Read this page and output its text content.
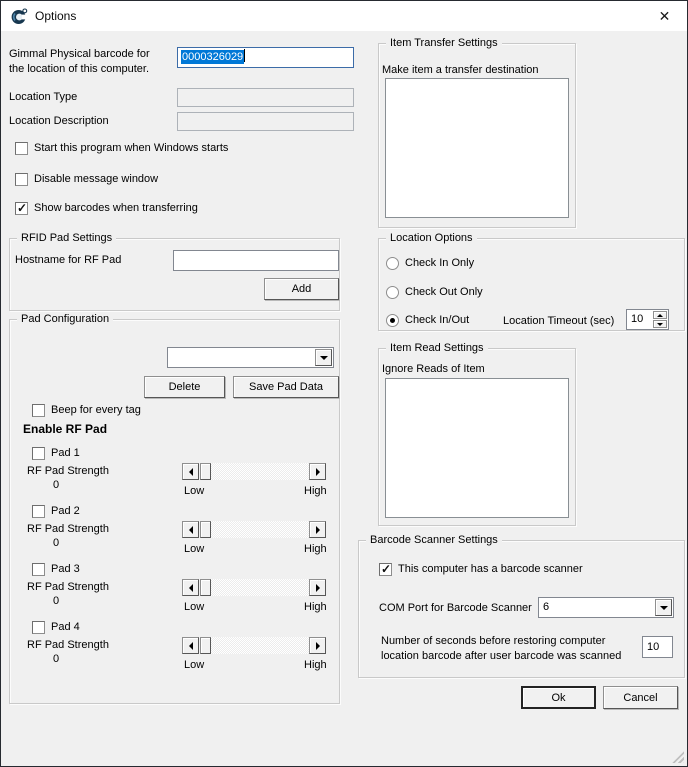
Options	✕
Gimmal Physical barcode for
the location of this computer.
0000326029
Location Type
Location Description
Start this program when Windows starts
Disable message window
✓
Show barcodes when transferring
RFID Pad Settings
Hostname for RF Pad
Add
Pad Configuration
Delete	Save Pad Data
Beep for every tag
Enable RF Pad
Pad 1
RF Pad Strength
0	Low	High
Pad 2
RF Pad Strength
0	Low	High
Pad 3
RF Pad Strength
0	Low	High
Pad 4
RF Pad Strength
0	Low	High
Item Transfer Settings
Make item a transfer destination
Location Options
Check In Only
Check Out Only
Check In/Out	Location Timeout (sec) 10
Item Read Settings
Ignore Reads of Item
Barcode Scanner Settings
✓
This computer has a barcode scanner
COM Port for Barcode Scanner 6
Number of seconds before restoring computer
location barcode after user barcode was scanned
10
Ok	Cancel
